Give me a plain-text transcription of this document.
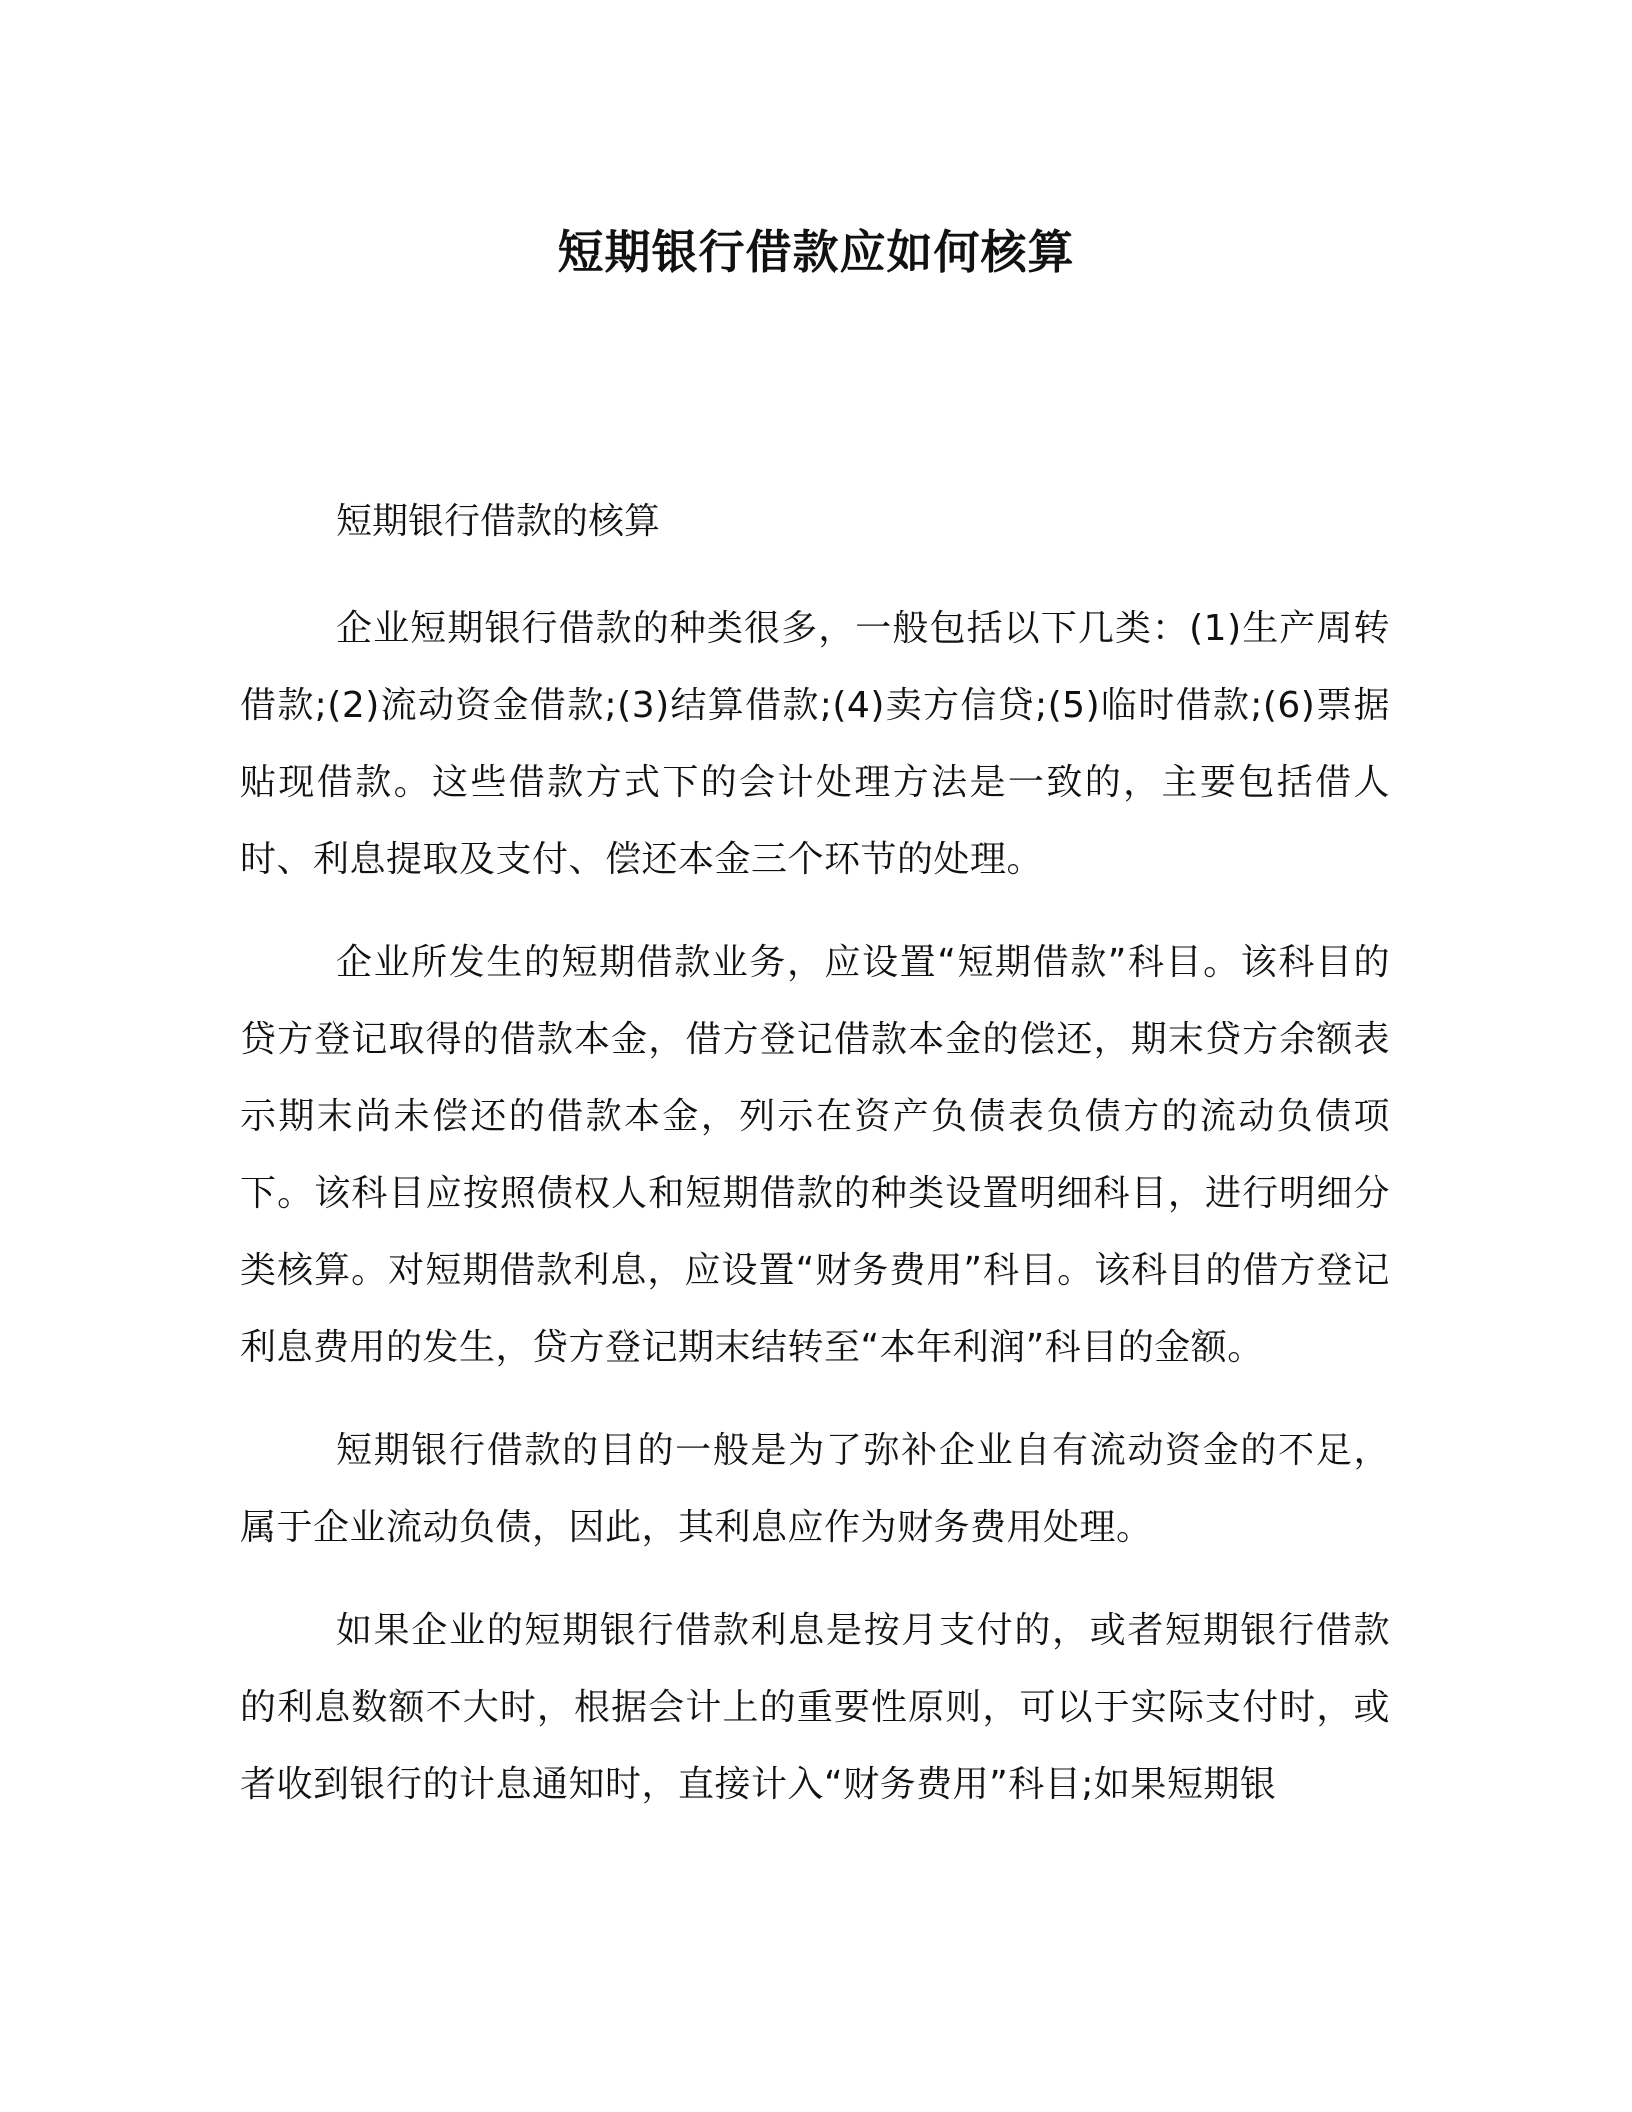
短期银行借款应如何核算
短期银行借款的核算

企业短期银行借款的种类很多，一般包括以下几类：(1)生产周转借款;(2)流动资金借款;(3)结算借款;(4)卖方信贷;(5)临时借款;(6)票据贴现借款。这些借款方式下的会计处理方法是一致的，主要包括借人时、利息提取及支付、偿还本金三个环节的处理。

企业所发生的短期借款业务，应设置“短期借款”科目。该科目的贷方登记取得的借款本金，借方登记借款本金的偿还，期末贷方余额表示期末尚未偿还的借款本金，列示在资产负债表负债方的流动负债项下。该科目应按照债权人和短期借款的种类设置明细科目，进行明细分类核算。对短期借款利息，应设置“财务费用”科目。该科目的借方登记利息费用的发生，贷方登记期末结转至“本年利润”科目的金额。

短期银行借款的目的一般是为了弥补企业自有流动资金的不足，属于企业流动负债，因此，其利息应作为财务费用处理。

如果企业的短期银行借款利息是按月支付的，或者短期银行借款的利息数额不大时，根据会计上的重要性原则，可以于实际支付时，或者收到银行的计息通知时，直接计入“财务费用”科目;如果短期银
